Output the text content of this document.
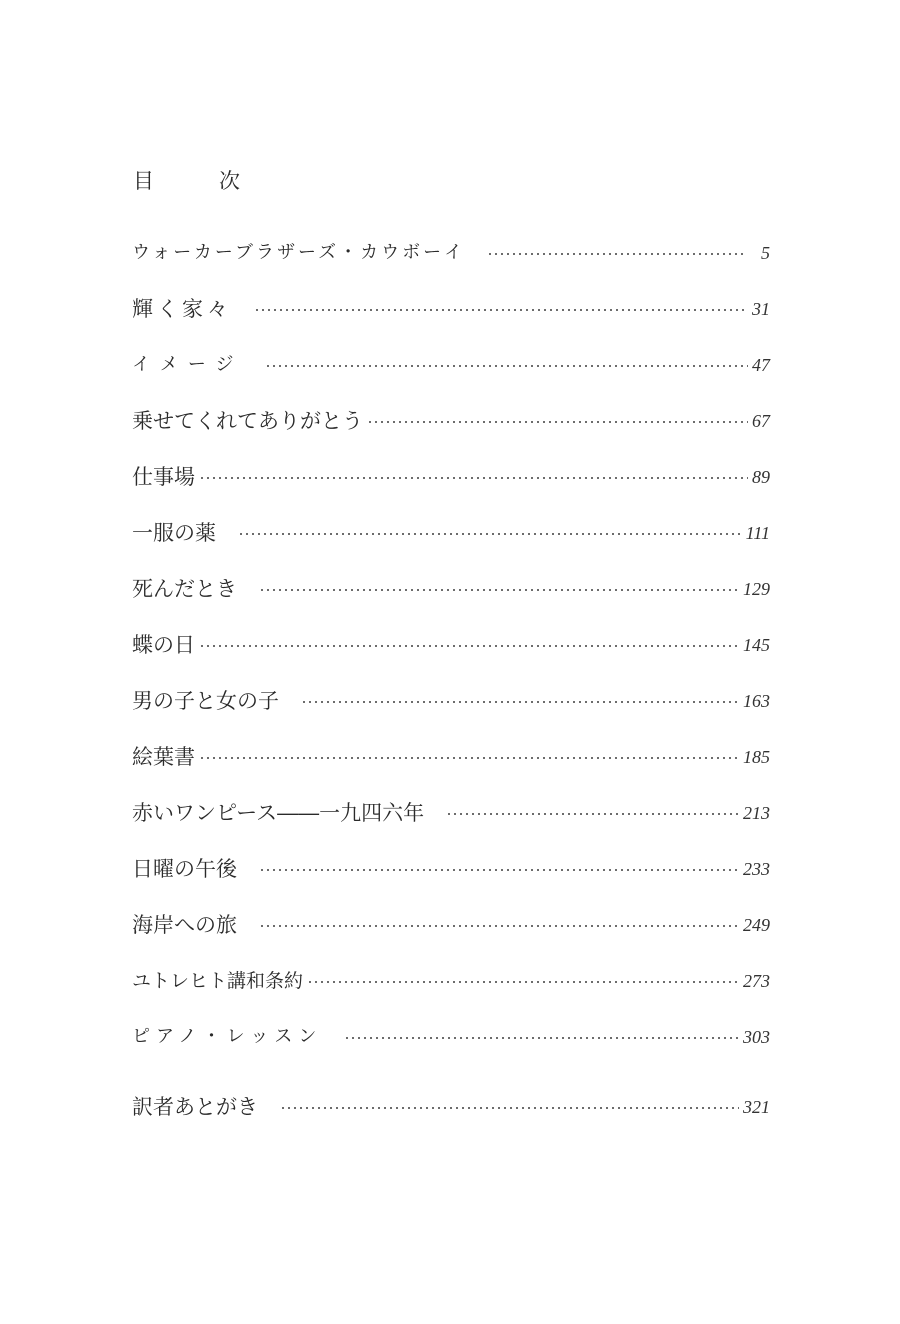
目　次
ウォーカーブラザーズ・カウボーイ	5
輝く家々	31
イメージ	47
乗せてくれてありがとう	67
仕事場	89
一服の薬	111
死んだとき	129
蝶の日	145
男の子と女の子	163
絵葉書	185
赤いワンピース――一九四六年	213
日曜の午後	233
海岸への旅	249
ユトレヒト講和条約	273
ピアノ・レッスン	303
訳者あとがき	321
